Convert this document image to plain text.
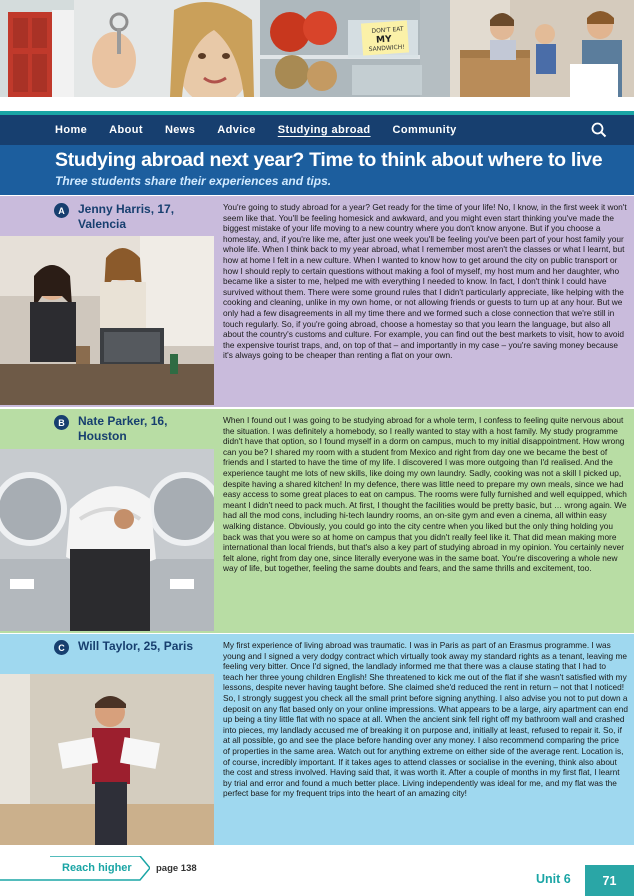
DON'T EAT
MY
SANDWICH!
Home About News Advice Studying abroad Community
Studying abroad next year? Time to think about where to live
Three students share their experiences and tips.
A	Jenny Harris, 17, Valencia
You're going to study abroad for a year? Get ready for the time of your life! No, I know, in the first week it won't seem like that. You'll be feeling homesick and awkward, and you might even start thinking you've made the biggest mistake of your life moving to a new country where you don't know anyone. But if you choose a homestay, and, if you're like me, after just one week you'll be feeling you've been part of your host family your whole life. When I think back to my year abroad, what I remember most aren't the classes or what I learnt, but how at home I felt in a new culture. When I wanted to know how to get around the city on public transport or how I should reply to certain questions without making a fool of myself, my host mum and her daughter, who became like a sister to me, helped me with everything I needed to know. In fact, I don't think I could have survived without them. There were some ground rules that I didn't particularly appreciate, like helping with the cooking and cleaning, unlike in my own home, or not allowing friends or guests to turn up at any hour. But we only had a few disagreements in all my time there and we formed such a close connection that we're still in touch regularly. So, if you're going abroad, choose a homestay so that you learn the language, but also all about the country's customs and culture. For example, you can find out the best markets to visit, how to avoid the expensive tourist traps, and, on top of that – and importantly in my case – you're saving money because it's always going to be cheaper than renting a flat on your own.
B	Nate Parker, 16, Houston
When I found out I was going to be studying abroad for a whole term, I confess to feeling quite nervous about the situation. I was definitely a homebody, so I really wanted to stay with a host family. My study programme didn't have that option, so I found myself in a dorm on campus, much to my initial disappointment. How wrong can you be? I shared my room with a student from Mexico and right from day one we became the best of friends and I started to have the time of my life. I discovered I was more outgoing than I'd realised. And the experience taught me lots of new skills, like doing my own laundry. Sadly, cooking was not a skill I picked up, despite having a shared kitchen! In my defence, there was little need to prepare my own meals, since we had easy access to some great places to eat on campus. The rooms were fully furnished and well equipped, which meant I didn't need to pack much. At first, I thought the facilities would be pretty basic, but … wrong again. We had all the mod cons, including hi-tech laundry rooms, an on-site gym and even a cinema, all within easy walking distance. Obviously, you could go into the city centre when you liked but the only thing holding you back was that you were so at home on campus that you didn't really feel like it. That did mean making more international than local friends, but that's also a key part of studying abroad in my opinion. You certainly never felt alone, right from day one, since literally everyone was in the same boat. You're discovering a whole new way of life, but together, feeling the same doubts and fears, and the same thrills and excitement, too.
C	Will Taylor, 25, Paris	My first experience of living abroad was traumatic. I was in Paris as part of an Erasmus programme. I was young and I signed a very dodgy contract which virtually took away my standard rights as a tenant, leaving me feeling very bitter. Once I'd signed, the landlady informed me that there was a clause stating that I had to teach her three young children English! She threatened to kick me out of the flat if she wasn't satisfied with my lessons, despite never having taught before. She claimed she'd reduced the rent in return – not that I noticed! So, I strongly suggest you check all the small print before signing anything. I also advise you not to put down a deposit on any flat based only on your online impressions. What appears to be a large, airy apartment can end up being a tiny little flat with no space at all. When the ancient sink fell right off my bathroom wall and crashed into pieces, my landlady accused me of breaking it on purpose and, initially at least, refused to repair it. So, if at all possible, go and see the place before handing over any money. I also recommend comparing the price of properties in the same area. Watch out for anything extreme on either side of the average rent. Location is, of course, incredibly important. If it takes ages to attend classes or socialise in the evening, think also about the cost and stress involved. Having said that, it was worth it. After a couple of months in my first flat, I learnt by trial and error and found a much better place. Living independently was ideal for me, and my flat was the perfect base for my frequent trips into the heart of an amazing city!
Reach higher	page 138
Unit 6	71
